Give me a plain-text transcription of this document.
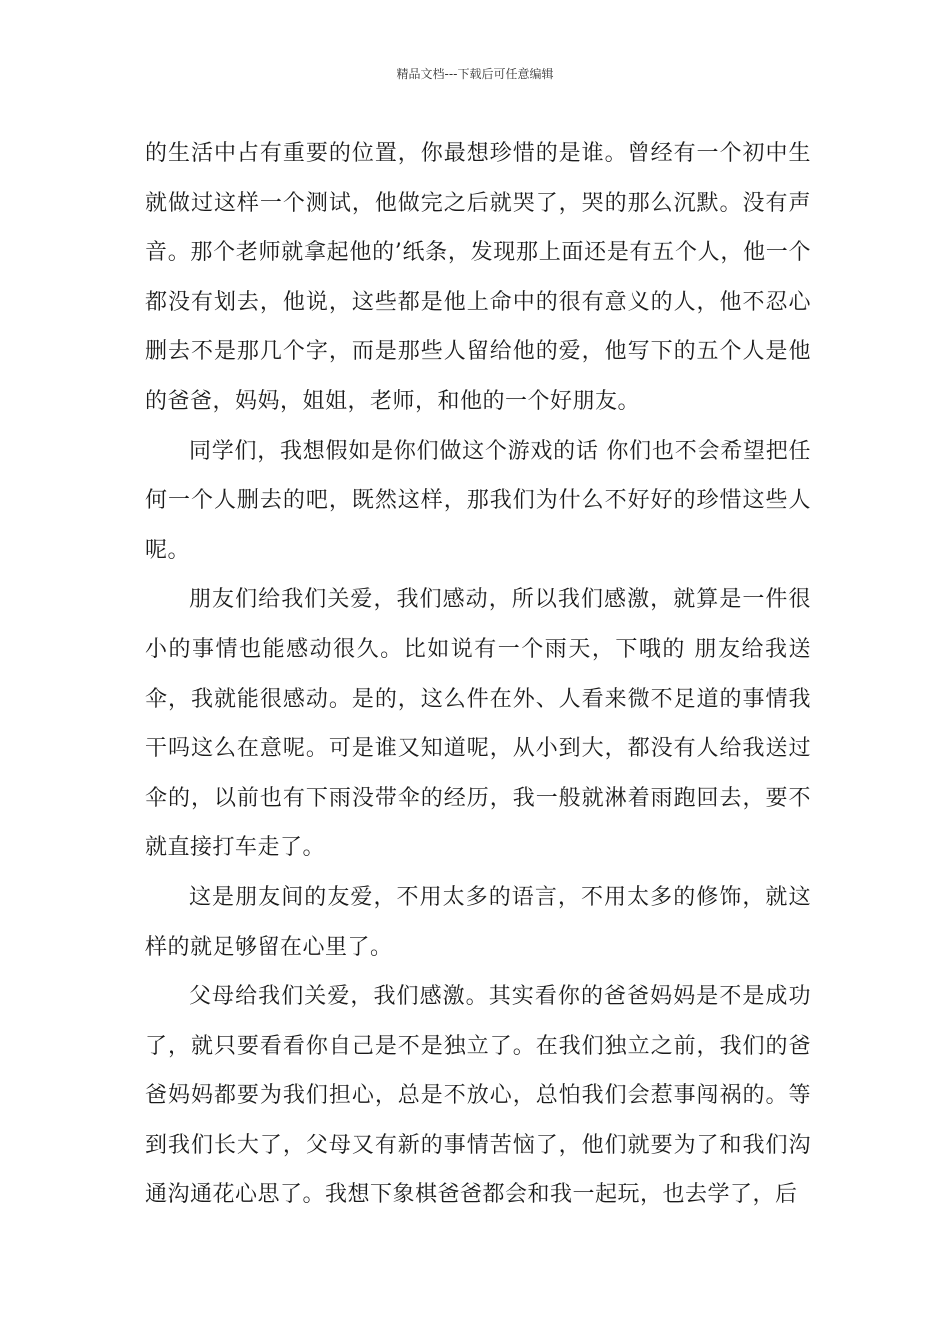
精品文档---下载后可任意编辑

的生活中占有重要的位置，你最想珍惜的是谁。曾经有一个初中生就做过这样一个测试，他做完之后就哭了，哭的那么沉默。没有声音。那个老师就拿起他的’纸条，发现那上面还是有五个人，他一个都没有划去，他说，这些都是他上命中的很有意义的人，他不忍心删去不是那几个字，而是那些人留给他的爱，他写下的五个人是他的爸爸，妈妈，姐姐，老师，和他的一个好朋友。

同学们，我想假如是你们做这个游戏的话 你们也不会希望把任何一个人删去的吧，既然这样，那我们为什么不好好的珍惜这些人呢。

朋友们给我们关爱，我们感动，所以我们感激，就算是一件很小的事情也能感动很久。比如说有一个雨天，下哦的 朋友给我送伞，我就能很感动。是的，这么件在外、人看来微不足道的事情我干吗这么在意呢。可是谁又知道呢，从小到大，都没有人给我送过伞的，以前也有下雨没带伞的经历，我一般就淋着雨跑回去，要不就直接打车走了。

这是朋友间的友爱，不用太多的语言，不用太多的修饰，就这样的就足够留在心里了。

父母给我们关爱，我们感激。其实看你的爸爸妈妈是不是成功了，就只要看看你自己是不是独立了。在我们独立之前，我们的爸爸妈妈都要为我们担心，总是不放心，总怕我们会惹事闯祸的。等到我们长大了，父母又有新的事情苦恼了，他们就要为了和我们沟通沟通花心思了。我想下象棋爸爸都会和我一起玩，也去学了，后
